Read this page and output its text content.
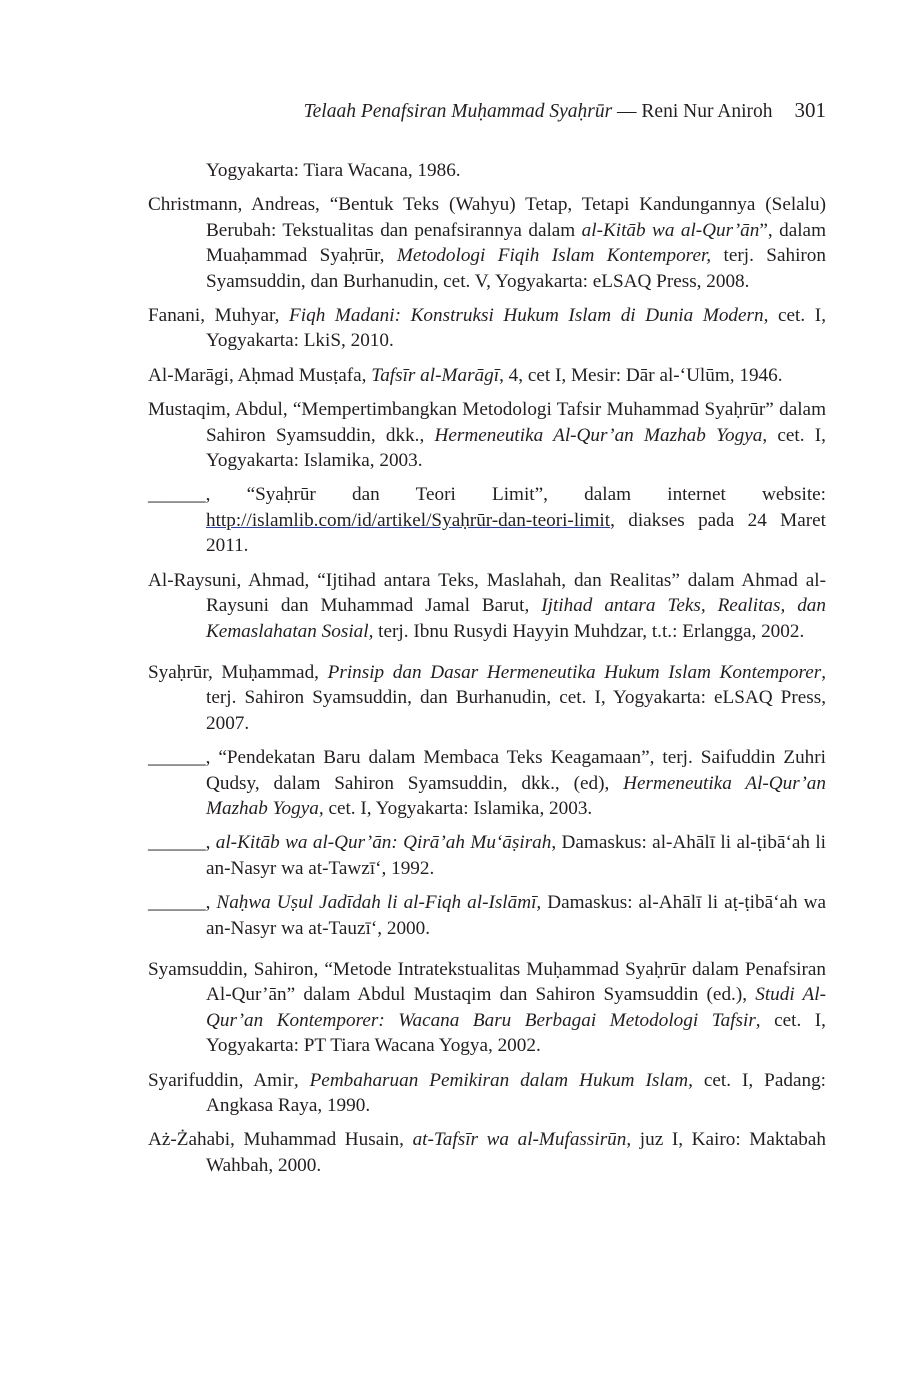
Telaah Penafsiran Muḥammad Syaḥrūr — Reni Nur Aniroh 301

Yogyakarta: Tiara Wacana, 1986.

Christmann, Andreas, “Bentuk Teks (Wahyu) Tetap, Tetapi Kandungannya (Selalu) Berubah: Tekstualitas dan penafsirannya dalam al-Kitāb wa al-Qur’ān”, dalam Muaḥammad Syaḥrūr, Metodologi Fiqih Islam Kontemporer, terj. Sahiron Syamsuddin, dan Burhanudin, cet. V, Yogyakarta: eLSAQ Press, 2008.

Fanani, Muhyar, Fiqh Madani: Konstruksi Hukum Islam di Dunia Modern, cet. I, Yogyakarta: LkiS, 2010.

Al-Marāgi, Aḥmad Musṭafa, Tafsīr al-Marāgī, 4, cet I, Mesir: Dār al-‘Ulūm, 1946.

Mustaqim, Abdul, “Mempertimbangkan Metodologi Tafsir Muhammad Syaḥrūr” dalam Sahiron Syamsuddin, dkk., Hermeneutika Al-Qur’an Mazhab Yogya, cet. I, Yogyakarta: Islamika, 2003.

______, “Syaḥrūr dan Teori Limit”, dalam internet website: http://islamlib.com/id/artikel/Syaḥrūr-dan-teori-limit, diakses pada 24 Maret 2011.

Al-Raysuni, Ahmad, “Ijtihad antara Teks, Maslahah, dan Realitas” dalam Ahmad al-Raysuni dan Muhammad Jamal Barut, Ijtihad antara Teks, Realitas, dan Kemaslahatan Sosial, terj. Ibnu Rusydi Hayyin Muhdzar, t.t.: Erlangga, 2002.

Syaḥrūr, Muḥammad, Prinsip dan Dasar Hermeneutika Hukum Islam Kontemporer, terj. Sahiron Syamsuddin, dan Burhanudin, cet. I, Yogyakarta: eLSAQ Press, 2007.

______, “Pendekatan Baru dalam Membaca Teks Keagamaan”, terj. Saifuddin Zuhri Qudsy, dalam Sahiron Syamsuddin, dkk., (ed), Hermeneutika Al-Qur’an Mazhab Yogya, cet. I, Yogyakarta: Islamika, 2003.

______, al-Kitāb wa al-Qur’ān: Qirā’ah Mu‘āṣirah, Damaskus: al-Ahālī li al-ṭibā‘ah li an-Nasyr wa at-Tawzī‘, 1992.

______, Naḥwa Uṣul Jadīdah li al-Fiqh al-Islāmī, Damaskus: al-Ahālī li aṭ-ṭibā‘ah wa an-Nasyr wa at-Tauzī‘, 2000.

Syamsuddin, Sahiron, “Metode Intratekstualitas Muḥammad Syaḥrūr dalam Penafsiran Al-Qur’ān” dalam Abdul Mustaqim dan Sahiron Syamsuddin (ed.), Studi Al-Qur’an Kontemporer: Wacana Baru Berbagai Metodologi Tafsir, cet. I, Yogyakarta: PT Tiara Wacana Yogya, 2002.

Syarifuddin, Amir, Pembaharuan Pemikiran dalam Hukum Islam, cet. I, Padang: Angkasa Raya, 1990.

Aż-Żahabi, Muhammad Husain, at-Tafsīr wa al-Mufassirūn, juz I, Kairo: Maktabah Wahbah, 2000.
